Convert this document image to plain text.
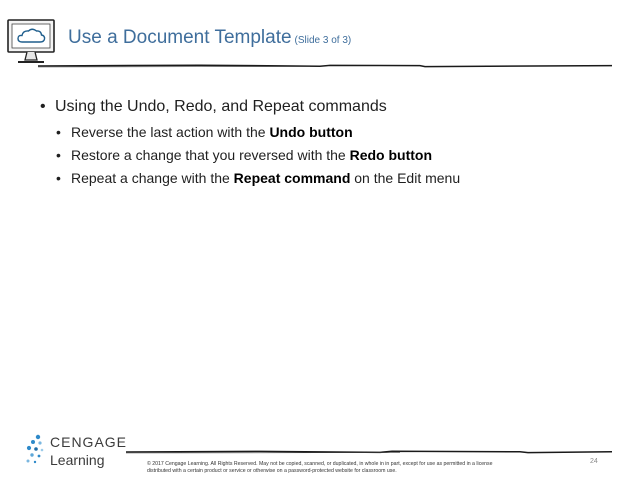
Use a Document Template (Slide 3 of 3)
• Using the Undo, Redo, and Repeat commands
• Reverse the last action with the Undo button
• Restore a change that you reversed with the Redo button
• Repeat a change with the Repeat command on the Edit menu
CENGAGE
Learning	© 2017 Cengage Learning. All Rights Reserved. May not be copied, scanned, or duplicated, in whole in in part, except for use as permitted in a license
distributed with a certain product or service or otherwise on a password-protected website for classroom use.
24
